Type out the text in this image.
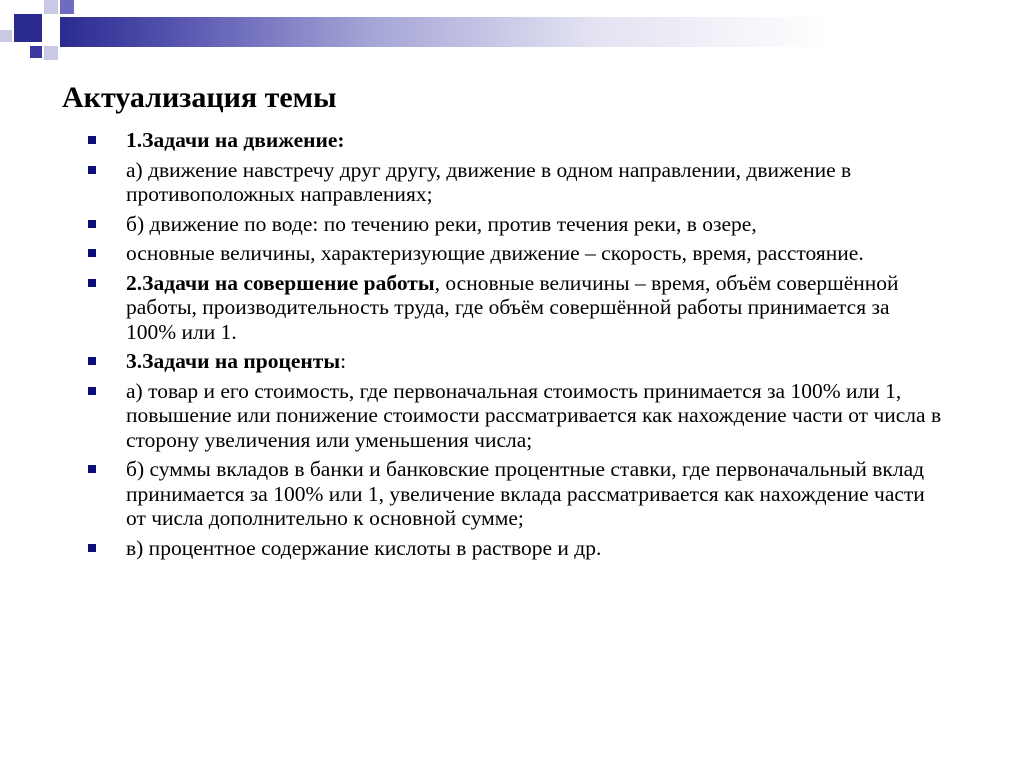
Актуализация темы
1.Задачи на движение:
а) движение навстречу друг другу, движение в одном направлении, движение в противоположных направлениях;
б) движение по воде: по течению реки, против течения реки, в озере,
основные величины, характеризующие движение – скорость, время, расстояние.
2.Задачи на совершение работы, основные величины – время, объём совершённой работы, производительность труда, где объём совершённой работы принимается за 100% или 1.
3.Задачи на проценты:
а) товар и его стоимость, где первоначальная стоимость принимается за 100% или 1, повышение или понижение стоимости рассматривается как нахождение части от числа в сторону увеличения или уменьшения числа;
б) суммы вкладов в банки и банковские процентные ставки, где первоначальный вклад принимается за 100% или 1, увеличение вклада рассматривается как нахождение части от числа дополнительно к основной сумме;
в) процентное содержание кислоты в растворе и др.
